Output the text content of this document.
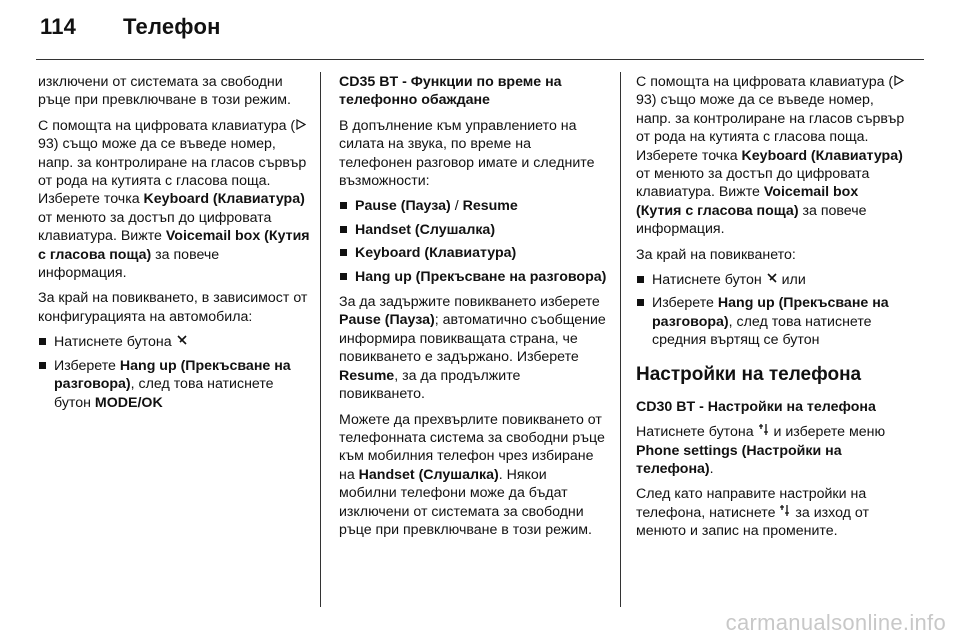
114 Телефон

изключени от системата за свободни ръце при превключване в този режим.

С помощта на цифровата клавиатура ( 93) също може да се въведе номер, напр. за контролиране на гласов сървър от рода на кутията с гласова поща. Изберете точка Keyboard (Клавиатура) от менюто за достъп до цифровата клавиатура. Вижте Voicemail box (Кутия с гласова поща) за повече информация.

За край на повикването, в зависимост от конфигурацията на автомобила:

Натиснете бутона
Изберете Hang up (Прекъсване на разговора), след това натиснете бутон MODE/OK

CD35 BT - Функции по време на телефонно обаждане

В допълнение към управлението на силата на звука, по време на телефонен разговор имате и следните възможности:

Pause (Пауза) / Resume
Handset (Слушалка)
Keyboard (Клавиатура)
Hang up (Прекъсване на разговора)

За да задържите повикването изберете Pause (Пауза); автоматично съобщение информира повикващата страна, че повикването е задържано. Изберете Resume, за да продължите повикването.

Можете да прехвърлите повикването от телефонната система за свободни ръце към мобилния телефон чрез избиране на Handset (Слушалка). Някои мобилни телефони може да бъдат изключени от системата за свободни ръце при превключване в този режим.

С помощта на цифровата клавиатура ( 93) също може да се въведе номер, напр. за контролиране на гласов сървър от рода на кутията с гласова поща. Изберете точка Keyboard (Клавиатура) от менюто за достъп до цифровата клавиатура. Вижте Voicemail box (Кутия с гласова поща) за повече информация.

За край на повикването:

Натиснете бутон  или
Изберете Hang up (Прекъсване на разговора), след това натиснете средния въртящ се бутон
Настройки на телефона

CD30 BT - Настройки на телефона

Натиснете бутона  и изберете меню Phone settings (Настройки на телефона).

След като направите настройки на телефона, натиснете  за изход от менюто и запис на промените.

carmanualsonline.info
